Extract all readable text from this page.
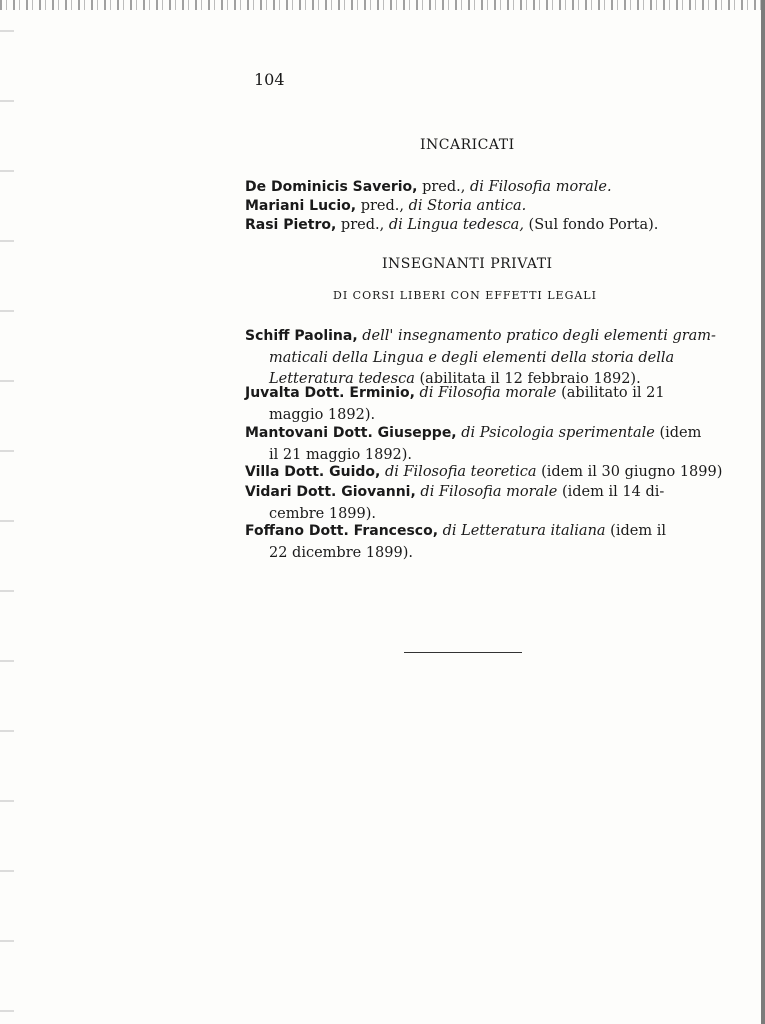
104
INCARICATI
De Dominicis Saverio, pred., di Filosofia morale.
Mariani Lucio, pred., di Storia antica.
Rasi Pietro, pred., di Lingua tedesca, (Sul fondo Porta).
INSEGNANTI PRIVATI
DI CORSI LIBERI CON EFFETTI LEGALI
Schiff Paolina, dell' insegnamento pratico degli elementi gram-
maticali della Lingua e degli elementi della storia della
Letteratura tedesca (abilitata il 12 febbraio 1892).
Juvalta Dott. Erminio, di Filosofia morale (abilitato il 21
maggio 1892).
Mantovani Dott. Giuseppe, di Psicologia sperimentale (idem
il 21 maggio 1892).
Villa Dott. Guido, di Filosofia teoretica (idem il 30 giugno 1899)
Vidari Dott. Giovanni, di Filosofia morale (idem il 14 di-
cembre 1899).
Foffano Dott. Francesco, di Letteratura italiana (idem il
22 dicembre 1899).
